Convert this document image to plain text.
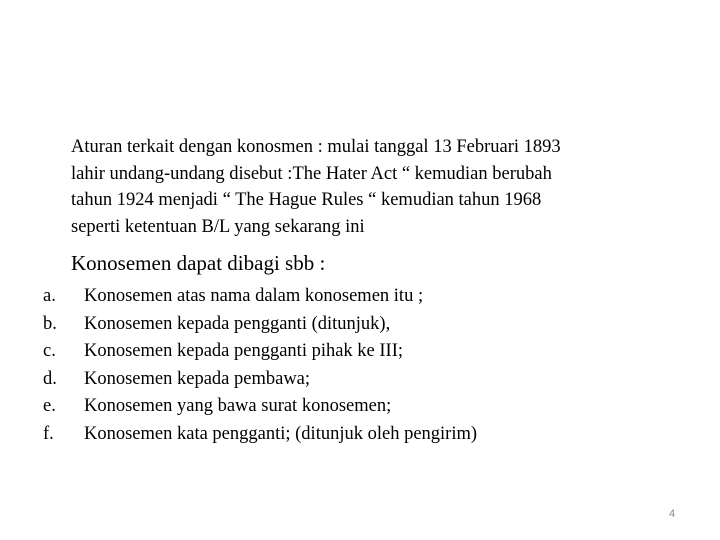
Aturan terkait dengan konosmen : mulai tanggal 13 Februari 1893
lahir undang-undang disebut :The Hater Act “ kemudian berubah
tahun 1924 menjadi “ The Hague Rules “ kemudian tahun 1968
seperti ketentuan B/L yang sekarang ini
Konosemen dapat dibagi sbb :
a.	Konosemen atas nama dalam konosemen itu ;
b.	Konosemen kepada pengganti (ditunjuk),
c.	Konosemen kepada pengganti pihak ke III;
d.	Konosemen kepada pembawa;
e.	Konosemen yang bawa surat konosemen;
f.	Konosemen kata pengganti; (ditunjuk oleh pengirim)
4
